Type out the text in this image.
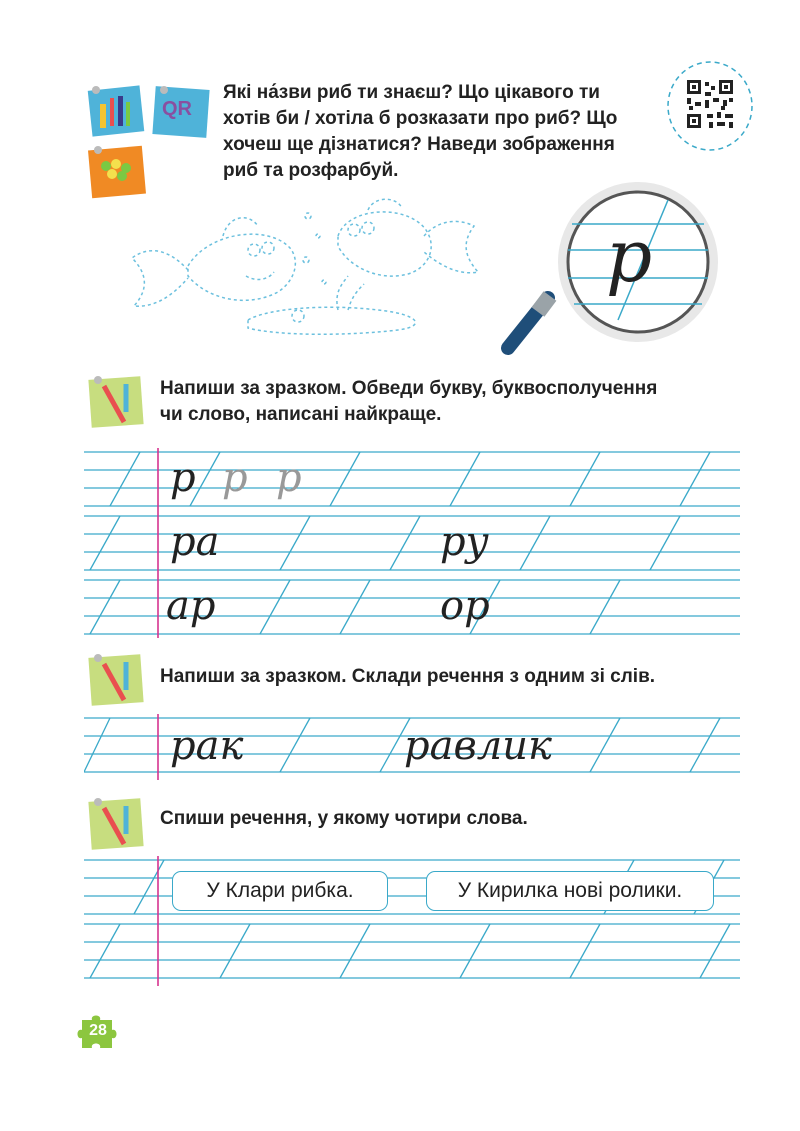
QR
Які на́зви риб ти знаєш? Що цікавого ти
хотів би / хотіла б розказати про риб? Що
хочеш ще дізнатися? Наведи зображення
риб та розфарбуй.
р
Напиши за зразком. Обведи букву, буквосполучення
чи слово, написані найкраще.
р р р
ра	ру
ар	ор
Напиши за зразком. Склади речення з одним зі слів.
рак	равлик
Спиши речення, у якому чотири слова.
У Клари рибка.	У Кирилка нові ролики.
28
